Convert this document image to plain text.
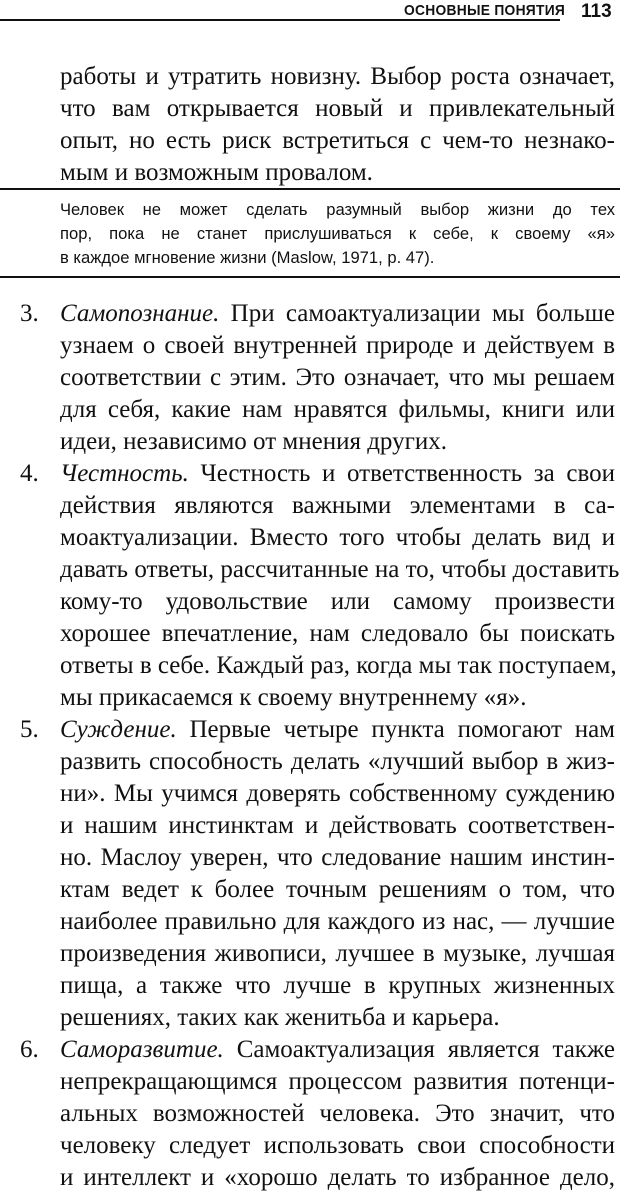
ОСНОВНЫЕ ПОНЯТИЯ 113
работы и утратить новизну. Выбор роста означает,
что вам открывается новый и привлекательный
опыт, но есть риск встретиться с чем-то незнако-
мым и возможным провалом.
Человек не может сделать разумный выбор жизни до тех
пор, пока не станет прислушиваться к себе, к своему «я»
в каждое мгновение жизни (Maslow, 1971, p. 47).
3. Самопознание. При самоактуализации мы больше
узнаем о своей внутренней природе и действуем в
соответствии с этим. Это означает, что мы решаем
для себя, какие нам нравятся фильмы, книги или
идеи, независимо от мнения других.
4. Честность. Честность и ответственность за свои
действия являются важными элементами в са-
моактуализации. Вместо того чтобы делать вид и
давать ответы, рассчитанные на то, чтобы доставить
кому-то удовольствие или самому произвести
хорошее впечатление, нам следовало бы поискать
ответы в себе. Каждый раз, когда мы так поступаем,
мы прикасаемся к своему внутреннему «я».
5. Суждение. Первые четыре пункта помогают нам
развить способность делать «лучший выбор в жиз-
ни». Мы учимся доверять собственному суждению
и нашим инстинктам и действовать соответствен-
но. Маслоу уверен, что следование нашим инстин-
ктам ведет к более точным решениям о том, что
наиболее правильно для каждого из нас, — лучшие
произведения живописи, лучшее в музыке, лучшая
пища, а также что лучше в крупных жизненных
решениях, таких как женитьба и карьера.
6. Саморазвитие. Самоактуализация является также
непрекращающимся процессом развития потенци-
альных возможностей человека. Это значит, что
человеку следует использовать свои способности
и интеллект и «хорошо делать то избранное дело,
